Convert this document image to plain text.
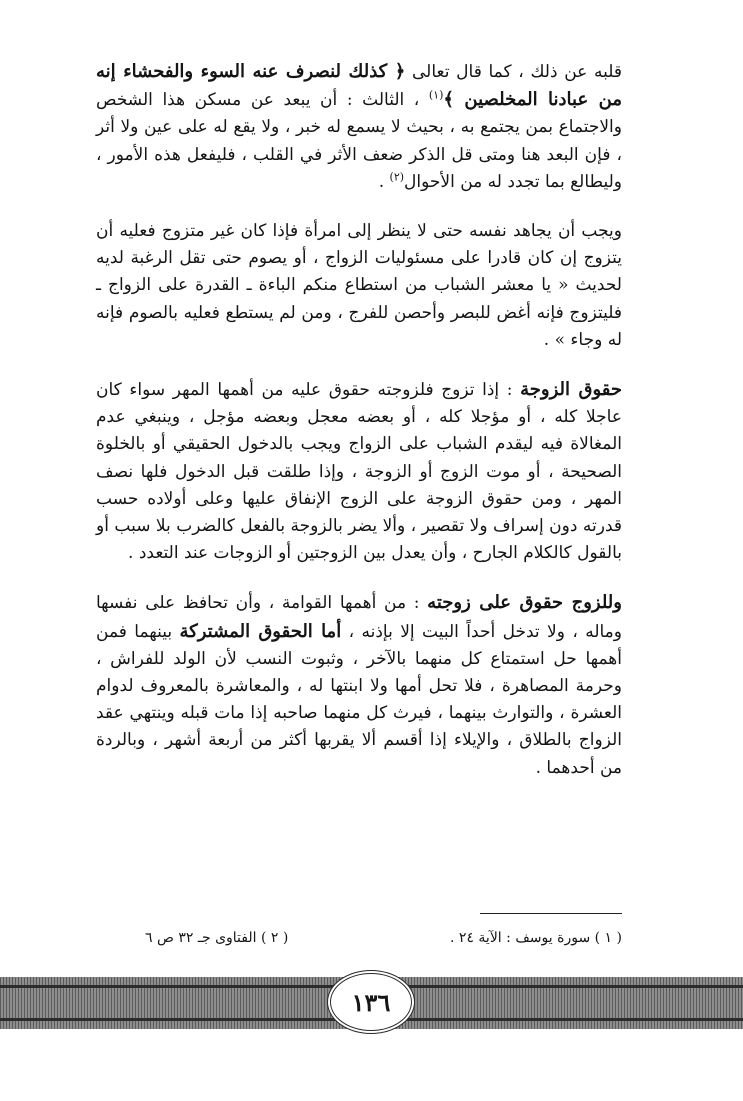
قلبه عن ذلك ، كما قال تعالى ﴿ كذلك لنصرف عنه السوء والفحشاء إنه من عبادنا المخلصين ﴾$^{(١)}$ ، الثالث : أن يبعد عن مسكن هذا الشخص والاجتماع بمن يجتمع به ، بحيث لا يسمع له خبر ، ولا يقع له على عين ولا أثر ، فإن البعد هنا ومتى قل الذكر ضعف الأثر في القلب ، فليفعل هذه الأمور ، وليطالع بما تجدد له من الأحوال$^{(٢)}$ .

ويجب أن يجاهد نفسه حتى لا ينظر إلى امرأة فإذا كان غير متزوج فعليه أن يتزوج إن كان قادرا على مسئوليات الزواج ، أو يصوم حتى تقل الرغبة لديه لحديث « يا معشر الشباب من استطاع منكم الباءة ـ القدرة على الزواج ـ فليتزوج فإنه أغض للبصر وأحصن للفرج ، ومن لم يستطع فعليه بالصوم فإنه له وجاء » .

حقوق الزوجة : إذا تزوج فلزوجته حقوق عليه من أهمها المهر سواء كان عاجلا كله ، أو مؤجلا كله ، أو بعضه معجل وبعضه مؤجل ، وينبغي عدم المغالاة فيه ليقدم الشباب على الزواج ويجب بالدخول الحقيقي أو بالخلوة الصحيحة ، أو موت الزوج أو الزوجة ، وإذا طلقت قبل الدخول فلها نصف المهر ، ومن حقوق الزوجة على الزوج الإنفاق عليها وعلى أولاده حسب قدرته دون إسراف ولا تقصير ، وألا يضر بالزوجة بالفعل كالضرب بلا سبب أو بالقول كالكلام الجارح ، وأن يعدل بين الزوجتين أو الزوجات عند التعدد .

وللزوج حقوق على زوجته : من أهمها القوامة ، وأن تحافظ على نفسها وماله ، ولا تدخل أحداً البيت إلا بإذنه ، أما الحقوق المشتركة بينهما فمن أهمها حل استمتاع كل منهما بالآخر ، وثبوت النسب لأن الولد للفراش ، وحرمة المصاهرة ، فلا تحل أمها ولا ابنتها له ، والمعاشرة بالمعروف لدوام العشرة ، والتوارث بينهما ، فيرث كل منهما صاحبه إذا مات قبله وينتهي عقد الزواج بالطلاق ، والإيلاء إذا أقسم ألا يقربها أكثر من أربعة أشهر ، وبالردة من أحدهما .

( ١ ) سورة يوسف : الآية ٢٤ .
( ٢ ) الفتاوى جـ ٣٢ ص ٦
١٣٦
